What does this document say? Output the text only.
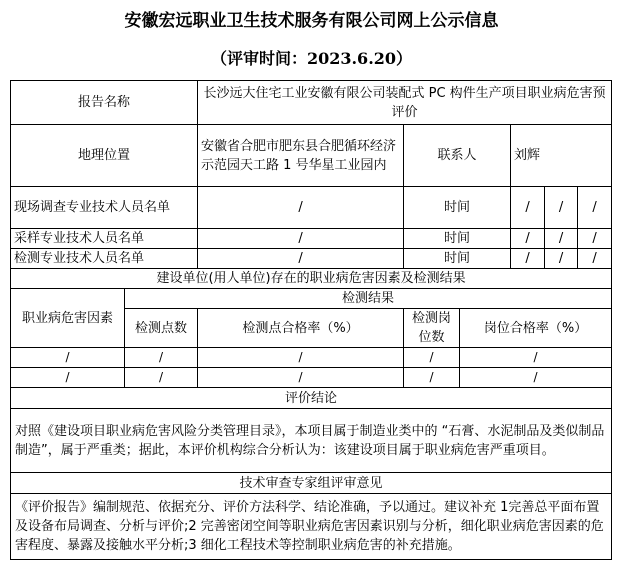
安徽宏远职业卫生技术服务有限公司网上公示信息
（评审时间：2023.6.20）
报告名称		长沙远大住宅工业安徽有限公司装配式 PC 构件生产项目职业病危害预评价					
地理位置		安徽省合肥市肥东县合肥循环经济示范园天工路 1 号华星工业园内	联系人		刘辉		
现场调查专业技术人员名单		/	时间		/	/	/
采样专业技术人员名单		/	时间		/	/	/
检测专业技术人员名单		/	时间		/	/	/
建设单位(用人单位)存在的职业病危害因素及检测结果							
职业病危害因素	检测结果						
	检测点数	检测点合格率（%）	检测岗位数	岗位合格率（%）			
/	/	/	/	/			
/	/	/	/	/			
评价结论							
对照《建设项目职业病危害风险分类管理目录》，本项目属于制造业类中的 “石膏、水泥制品及类似制品制造”，属于严重类；据此，本评价机构综合分析认为：该建设项目属于职业病危害严重项目。							
技术审查专家组评审意见							
《评价报告》编制规范、依据充分、评价方法科学、结论准确，予以通过。建议补充 1完善总平面布置及设备布局调查、分析与评价;2 完善密闭空间等职业病危害因素识别与分析，细化职业病危害因素的危害程度、暴露及接触水平分析;3 细化工程技术等控制职业病危害的补充措施。							
